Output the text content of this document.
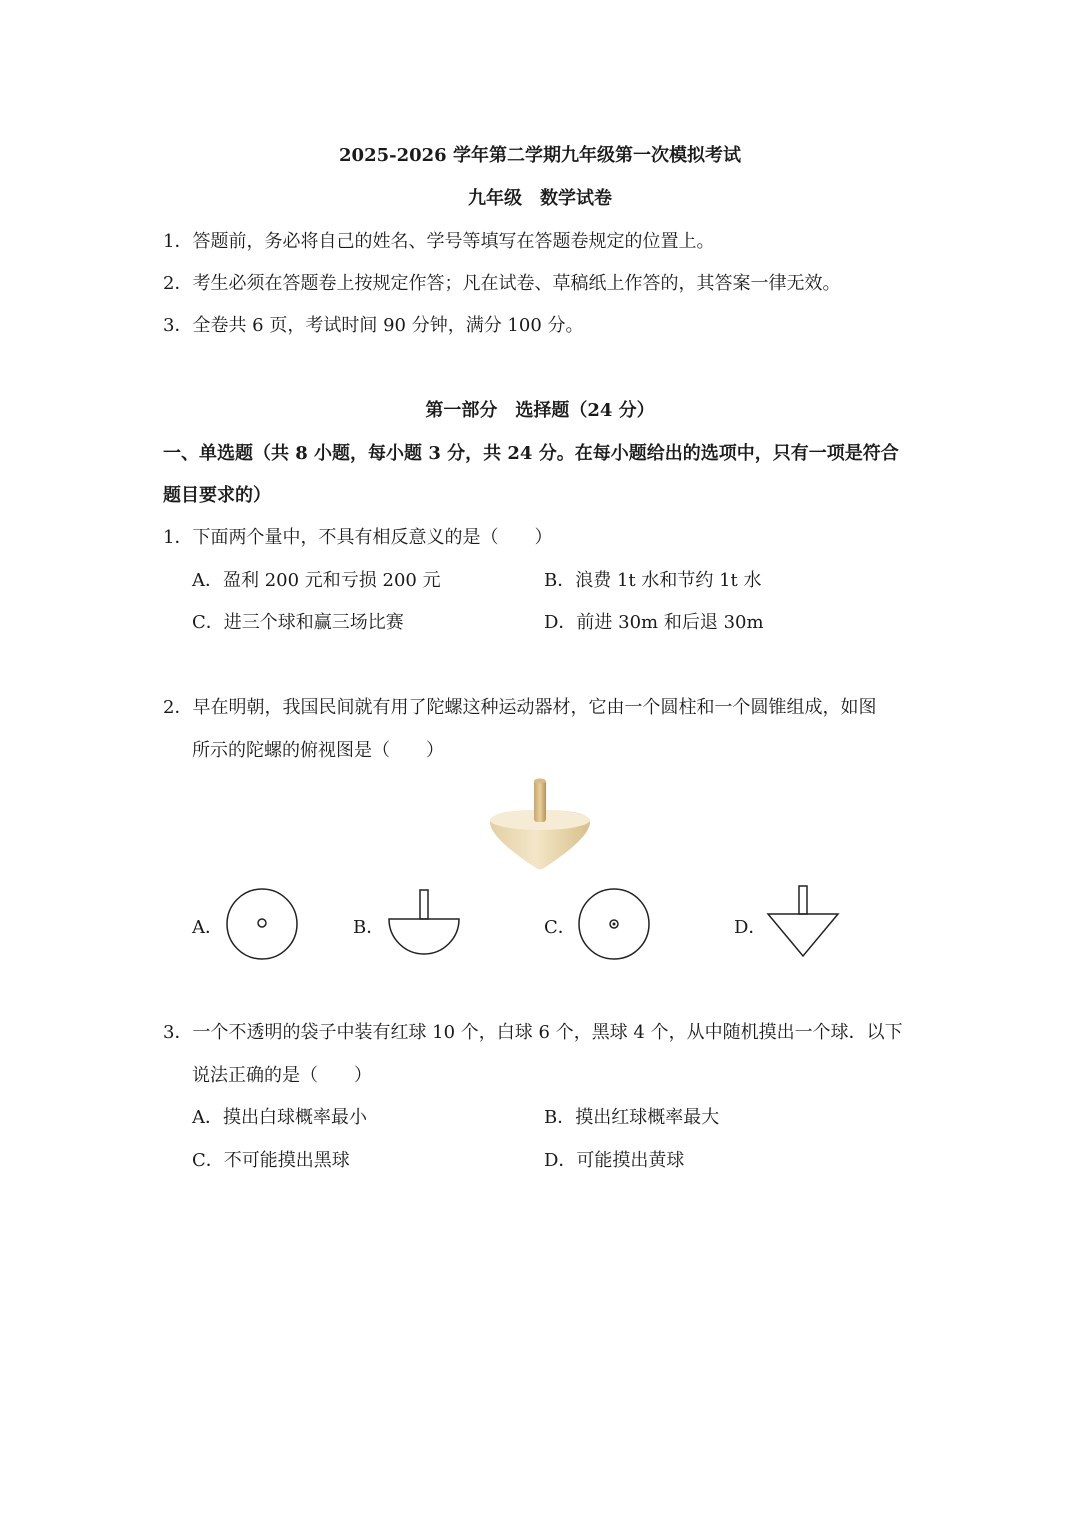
2025-2026 学年第二学期九年级第一次模拟考试
九年级　数学试卷
1．答题前，务必将自己的姓名、学号等填写在答题卷规定的位置上。
2．考生必须在答题卷上按规定作答；凡在试卷、草稿纸上作答的，其答案一律无效。
3．全卷共 6 页，考试时间 90 分钟，满分 100 分。
第一部分　选择题（24 分）
一、单选题（共 8 小题，每小题 3 分，共 24 分。在每小题给出的选项中，只有一项是符合
题目要求的）
1．下面两个量中，不具有相反意义的是（　　）
A．盈利 200 元和亏损 200 元	B．浪费 1t 水和节约 1t 水
C．进三个球和赢三场比赛	D．前进 30m 和后退 30m
2．早在明朝，我国民间就有用了陀螺这种运动器材，它由一个圆柱和一个圆锥组成，如图
所示的陀螺的俯视图是（　　）
A．	B．	C．	D．
3．一个不透明的袋子中装有红球 10 个，白球 6 个，黑球 4 个，从中随机摸出一个球．以下
说法正确的是（　　）
A．摸出白球概率最小	B．摸出红球概率最大
C．不可能摸出黑球	D．可能摸出黄球
